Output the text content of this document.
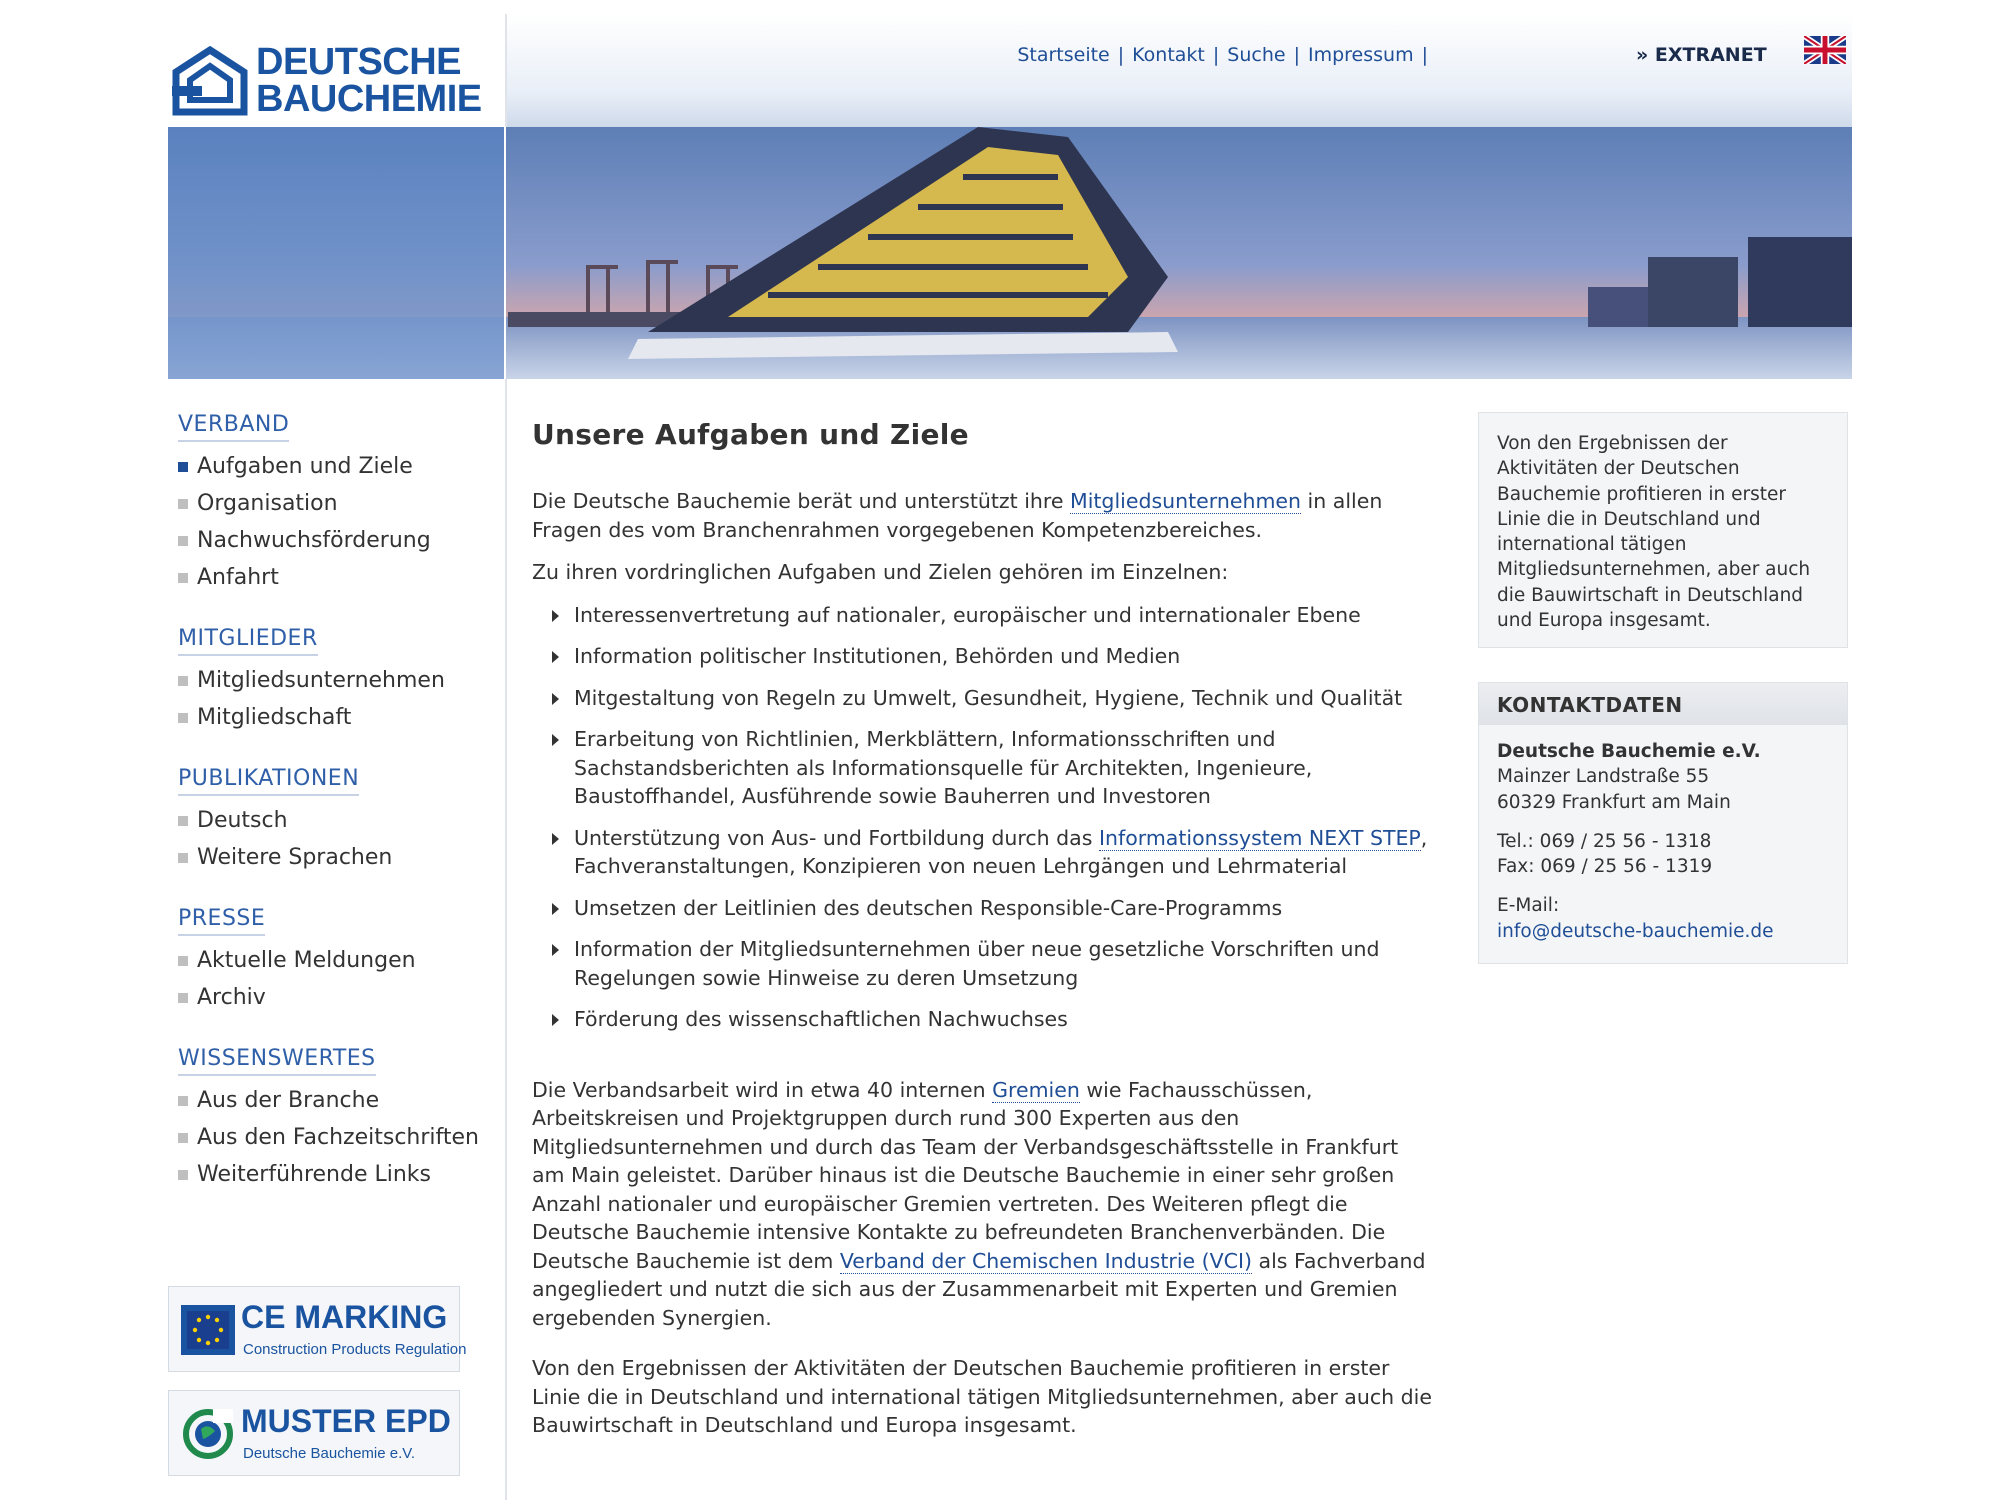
DEUTSCHE
BAUCHEMIE
Startseite | Kontakt | Suche | Impressum |	» EXTRANET
VERBAND
Aufgaben und Ziele
Organisation
Nachwuchsförderung
Anfahrt
MITGLIEDER
Mitgliedsunternehmen
Mitgliedschaft
PUBLIKATIONEN
Deutsch
Weitere Sprachen
PRESSE
Aktuelle Meldungen
Archiv
WISSENSWERTES
Aus der Branche
Aus den Fachzeitschriften
Weiterführende Links
CE MARKING
Construction Products Regulation
MUSTER EPD
Deutsche Bauchemie e.V.
Unsere Aufgaben und Ziele

Die Deutsche Bauchemie berät und unterstützt ihre Mitgliedsunternehmen in allen Fragen des vom Branchenrahmen vorgegebenen Kompetenzbereiches.

Zu ihren vordringlichen Aufgaben und Zielen gehören im Einzelnen:

Interessenvertretung auf nationaler, europäischer und internationaler Ebene
Information politischer Institutionen, Behörden und Medien
Mitgestaltung von Regeln zu Umwelt, Gesundheit, Hygiene, Technik und Qualität
Erarbeitung von Richtlinien, Merkblättern, Informationsschriften und Sachstandsberichten als Informationsquelle für Architekten, Ingenieure, Baustoffhandel, Ausführende sowie Bauherren und Investoren
Unterstützung von Aus- und Fortbildung durch das Informationssystem NEXT STEP, Fachveranstaltungen, Konzipieren von neuen Lehrgängen und Lehrmaterial
Umsetzen der Leitlinien des deutschen Responsible-Care-Programms
Information der Mitgliedsunternehmen über neue gesetzliche Vorschriften und Regelungen sowie Hinweise zu deren Umsetzung
Förderung des wissenschaftlichen Nachwuchses

Die Verbandsarbeit wird in etwa 40 internen Gremien wie Fachausschüssen, Arbeitskreisen und Projektgruppen durch rund 300 Experten aus den Mitgliedsunternehmen und durch das Team der Verbandsgeschäftsstelle in Frankfurt am Main geleistet. Darüber hinaus ist die Deutsche Bauchemie in einer sehr großen Anzahl nationaler und europäischer Gremien vertreten. Des Weiteren pflegt die Deutsche Bauchemie intensive Kontakte zu befreundeten Branchenverbänden. Die Deutsche Bauchemie ist dem Verband der Chemischen Industrie (VCI) als Fachverband angegliedert und nutzt die sich aus der Zusammenarbeit mit Experten und Gremien ergebenden Synergien.

Von den Ergebnissen der Aktivitäten der Deutschen Bauchemie profitieren in erster Linie die in Deutschland und international tätigen Mitgliedsunternehmen, aber auch die Bauwirtschaft in Deutschland und Europa insgesamt.

Von den Ergebnissen der Aktivitäten der Deutschen Bauchemie profitieren in erster Linie die in Deutschland und international tätigen Mitgliedsunternehmen, aber auch die Bauwirtschaft in Deutschland und Europa insgesamt.
KONTAKTDATEN
Deutsche Bauchemie e.V.
Mainzer Landstraße 55
60329 Frankfurt am Main
Tel.: 069 / 25 56 - 1318
Fax: 069 / 25 56 - 1319
E-Mail:
info@deutsche-bauchemie.de
